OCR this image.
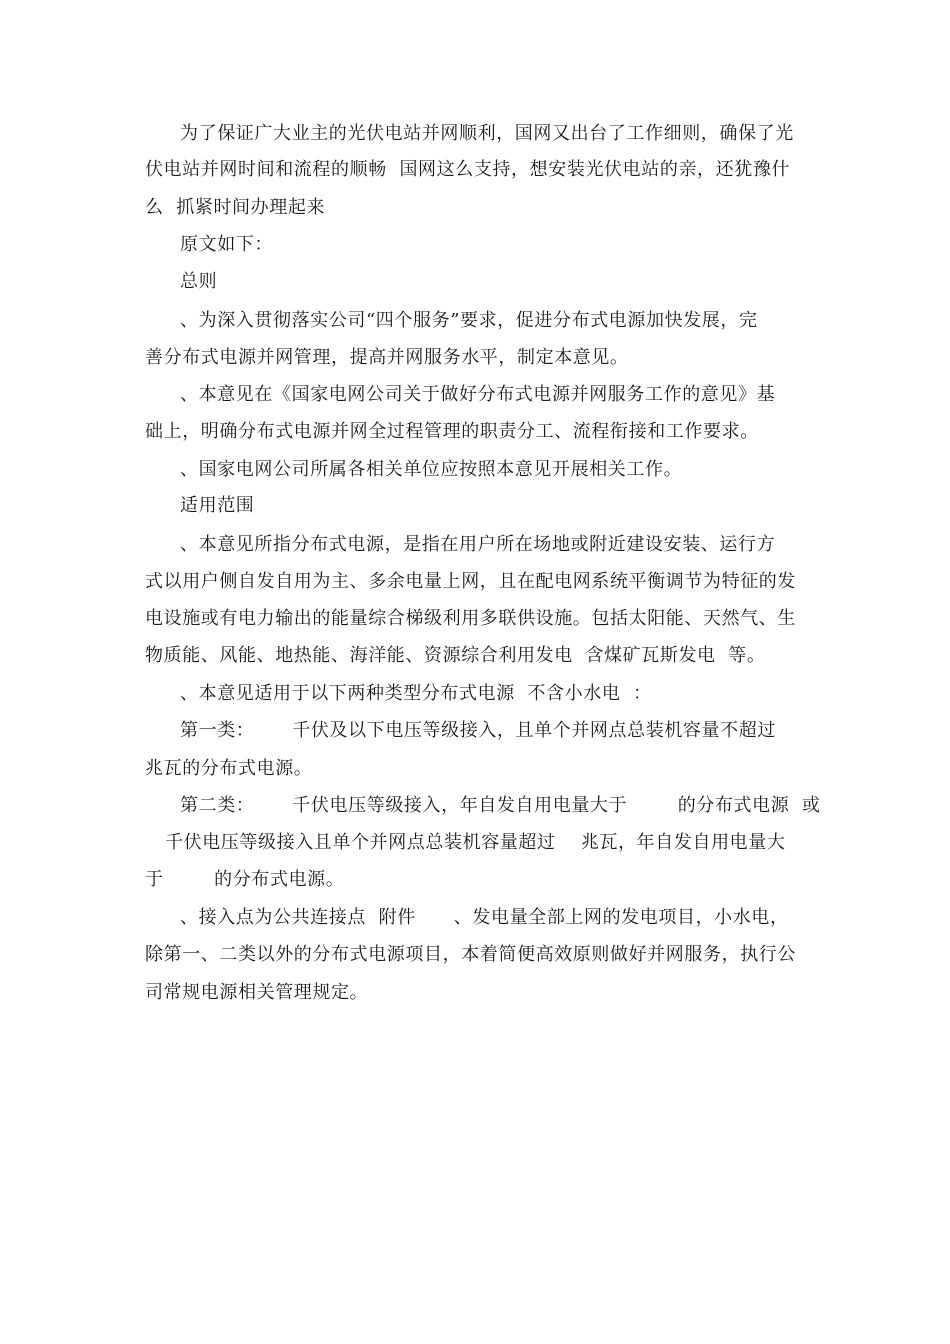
为了保证广大业主的光伏电站并网顺利，国网又出台了工作细则，确保了光
伏电站并网时间和流程的顺畅  国网这么支持，想安装光伏电站的亲，还犹豫什
么  抓紧时间办理起来
原文如下：
总则
、为深入贯彻落实公司“四个服务”要求，促进分布式电源加快发展，完
善分布式电源并网管理，提高并网服务水平，制定本意见。
、本意见在《国家电网公司关于做好分布式电源并网服务工作的意见》基
础上，明确分布式电源并网全过程管理的职责分工、流程衔接和工作要求。
、国家电网公司所属各相关单位应按照本意见开展相关工作。
适用范围
、本意见所指分布式电源，是指在用户所在场地或附近建设安装、运行方
式以用户侧自发自用为主、多余电量上网，且在配电网系统平衡调节为特征的发
电设施或有电力输出的能量综合梯级利用多联供设施。包括太阳能、天然气、生
物质能、风能、地热能、海洋能、资源综合利用发电  含煤矿瓦斯发电  等。
、本意见适用于以下两种类型分布式电源  不含小水电  ：
第一类：      千伏及以下电压等级接入，且单个并网点总装机容量不超过
兆瓦的分布式电源。
第二类：      千伏电压等级接入，年自发自用电量大于        的分布式电源  或
千伏电压等级接入且单个并网点总装机容量超过    兆瓦，年自发自用电量大
于        的分布式电源。
、接入点为公共连接点  附件      、发电量全部上网的发电项目，小水电，
除第一、二类以外的分布式电源项目，本着简便高效原则做好并网服务，执行公
司常规电源相关管理规定。
